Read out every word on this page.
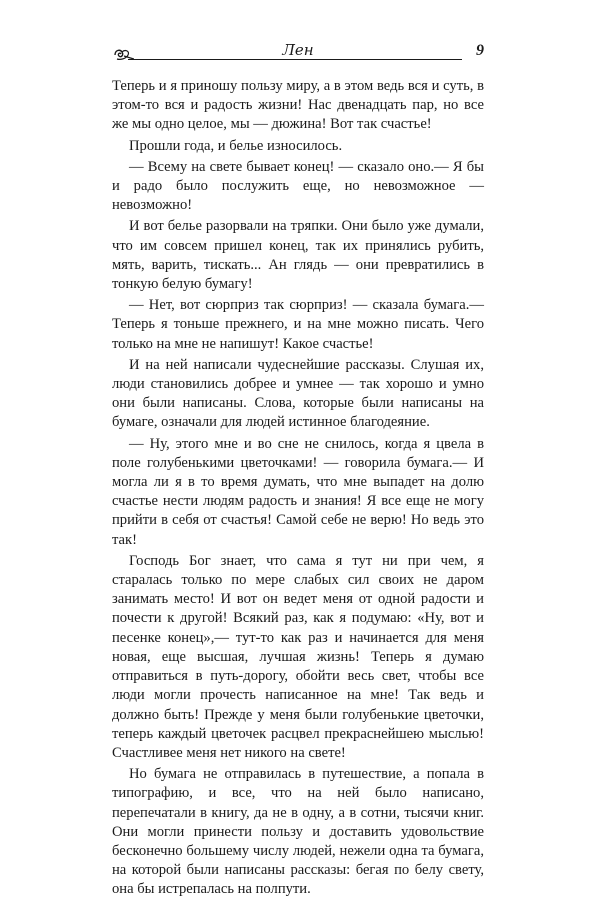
Лен	9

Теперь и я приношу пользу миру, а в этом ведь вся и суть, в этом-то вся и радость жизни! Нас двенадцать пар, но все же мы одно целое, мы — дюжина! Вот так счастье!

Прошли года, и белье износилось.

— Всему на свете бывает конец! — сказало оно.— Я бы и радо было послужить еще, но невозможное — невозможно!

И вот белье разорвали на тряпки. Они было уже думали, что им совсем пришел конец, так их принялись рубить, мять, варить, тискать... Ан глядь — они превратились в тонкую белую бумагу!

— Нет, вот сюрприз так сюрприз! — сказала бумага.— Теперь я тоньше прежнего, и на мне можно писать. Чего только на мне не напишут! Какое счастье!

И на ней написали чудеснейшие рассказы. Слушая их, люди становились добрее и умнее — так хорошо и умно они были написаны. Слова, которые были написаны на бумаге, означали для людей истинное благодеяние.

— Ну, этого мне и во сне не снилось, когда я цвела в поле голубенькими цветочками! — говорила бумага.— И могла ли я в то время думать, что мне выпадет на долю счастье нести людям радость и знания! Я все еще не могу прийти в себя от счастья! Самой себе не верю! Но ведь это так!

Господь Бог знает, что сама я тут ни при чем, я старалась только по мере слабых сил своих не даром занимать место! И вот он ведет меня от одной радости и почести к другой! Всякий раз, как я подумаю: «Ну, вот и песенке конец»,— тут-то как раз и начинается для меня новая, еще высшая, лучшая жизнь! Теперь я думаю отправиться в путь-дорогу, обойти весь свет, чтобы все люди могли прочесть написанное на мне! Так ведь и должно быть! Прежде у меня были голубенькие цветочки, теперь каждый цветочек расцвел прекраснейшею мыслью! Счастливее меня нет никого на свете!

Но бумага не отправилась в путешествие, а попала в типографию, и все, что на ней было написано, перепечатали в книгу, да не в одну, а в сотни, тысячи книг. Они могли принести пользу и доставить удовольствие бесконечно большему числу людей, нежели одна та бумага, на которой были написаны рассказы: бегая по белу свету, она бы истрепалась на полпути.
